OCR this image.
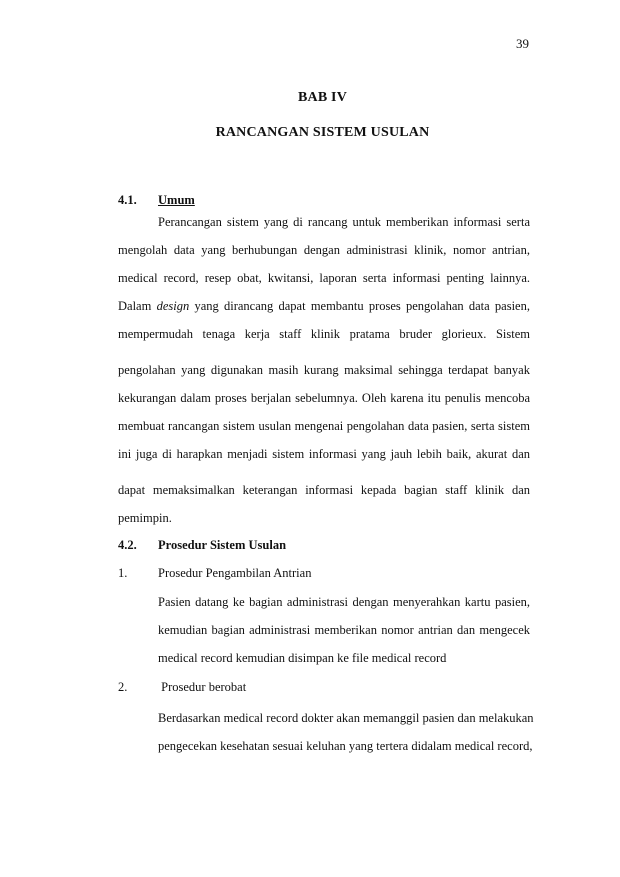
39
BAB IV
RANCANGAN SISTEM USULAN
4.1. Umum
Perancangan sistem yang di rancang untuk memberikan informasi serta
mengolah data yang berhubungan dengan administrasi klinik, nomor antrian,
medical record, resep obat, kwitansi, laporan serta informasi penting lainnya.
Dalam design yang dirancang dapat membantu proses pengolahan data pasien,
mempermudah tenaga kerja staff klinik pratama bruder glorieux. Sistem
pengolahan yang digunakan masih kurang maksimal sehingga terdapat banyak
kekurangan dalam proses berjalan sebelumnya. Oleh karena itu penulis mencoba
membuat rancangan sistem usulan mengenai pengolahan data pasien, serta sistem
ini juga di harapkan menjadi sistem informasi yang jauh lebih baik, akurat dan
dapat memaksimalkan keterangan informasi kepada bagian staff klinik dan
pemimpin.
4.2. Prosedur Sistem Usulan
1. Prosedur Pengambilan Antrian
Pasien datang ke bagian administrasi dengan menyerahkan kartu pasien,
kemudian bagian administrasi memberikan nomor antrian dan mengecek
medical record kemudian disimpan ke file medical record
2. Prosedur berobat
Berdasarkan medical record dokter akan memanggil pasien dan melakukan
pengecekan kesehatan sesuai keluhan yang tertera didalam medical record,
